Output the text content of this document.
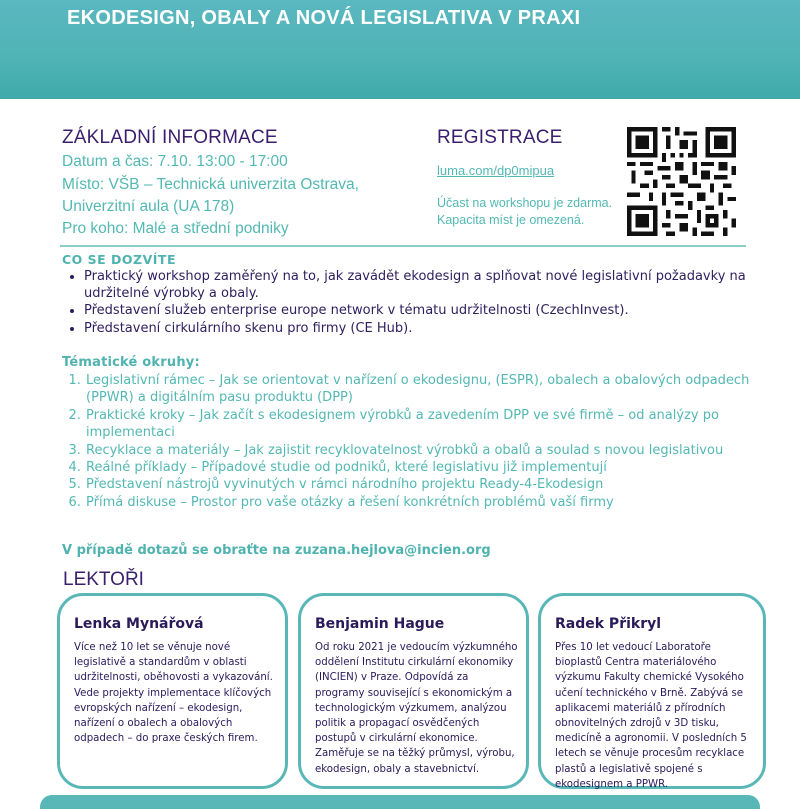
EKODESIGN, OBALY A NOVÁ LEGISLATIVA V PRAXI
ZÁKLADNÍ INFORMACE
Datum a čas: 7.10. 13:00 - 17:00
Místo: VŠB – Technická univerzita Ostrava,
Univerzitní aula (UA 178)
Pro koho: Malé a střední podniky
REGISTRACE
luma.com/dp0mipua
Účast na workshopu je zdarma.
Kapacita míst je omezená.
CO SE DOZVÍTE
• Praktický workshop zaměřený na to, jak zavádět ekodesign a splňovat nové legislativní požadavky na udržitelné výrobky a obaly.
• Představení služeb enterprise europe network v tématu udržitelnosti (CzechInvest).
• Představení cirkulárního skenu pro firmy (CE Hub).
Tématické okruhy:
1. Legislativní rámec – Jak se orientovat v nařízení o ekodesignu, (ESPR), obalech a obalových odpadech (PPWR) a digitálním pasu produktu (DPP)
2. Praktické kroky – Jak začít s ekodesignem výrobků a zavedením DPP ve své firmě – od analýzy po implementaci
3. Recyklace a materiály – Jak zajistit recyklovatelnost výrobků a obalů a soulad s novou legislativou
4. Reálné příklady – Případové studie od podniků, které legislativu již implementují
5. Představení nástrojů vyvinutých v rámci národního projektu Ready-4-Ekodesign
6. Přímá diskuse – Prostor pro vaše otázky a řešení konkrétních problémů vaší firmy
V případě dotazů se obraťte na zuzana.hejlova@incien.org
LEKTOŘI
Lenka Mynářová
Více než 10 let se věnuje nové legislativě a standardům v oblasti udržitelnosti, oběhovosti a vykazování. Vede projekty implementace klíčových evropských nařízení – ekodesign, nařízení o obalech a obalových odpadech – do praxe českých firem.
Benjamin Hague
Od roku 2021 je vedoucím výzkumného oddělení Institutu cirkulární ekonomiky (INCIEN) v Praze. Odpovídá za programy související s ekonomickým a technologickým výzkumem, analýzou politik a propagací osvědčených postupů v cirkulární ekonomice. Zaměřuje se na těžký průmysl, výrobu, ekodesign, obaly a stavebnictví.
Radek Přikryl
Přes 10 let vedoucí Laboratoře bioplastů Centra materiálového výzkumu Fakulty chemické Vysokého učení technického v Brně. Zabývá se aplikacemi materiálů z přírodních obnovitelných zdrojů v 3D tisku, medicíně a agronomii. V posledních 5 letech se věnuje procesům recyklace plastů a legislativě spojené s ekodesignem a PPWR.
